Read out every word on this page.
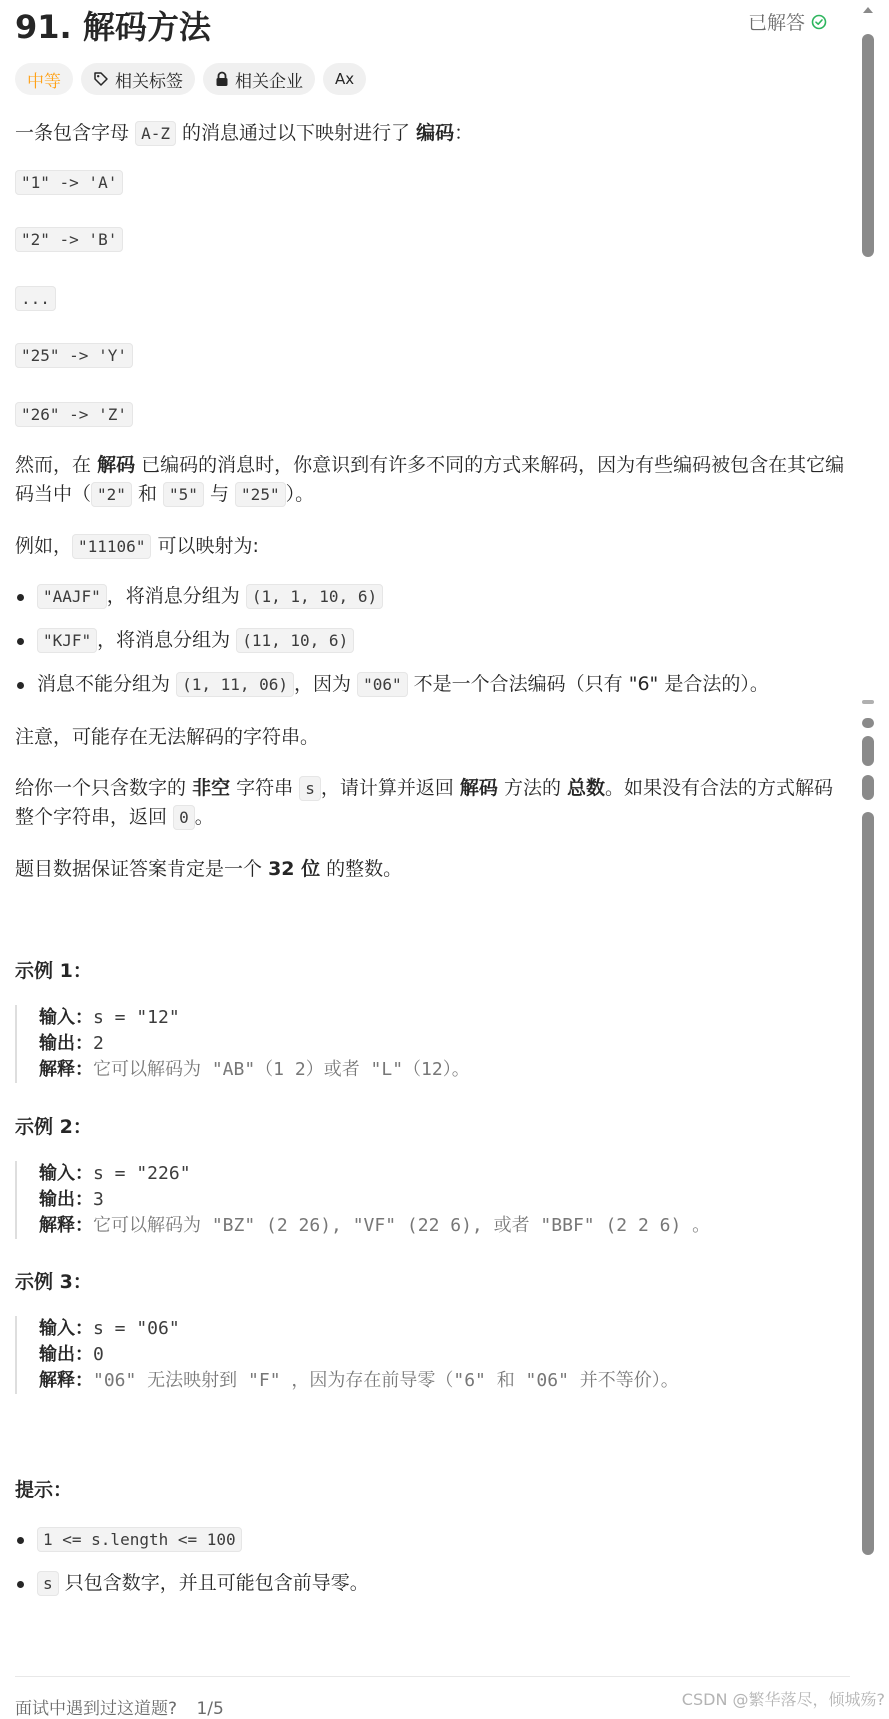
91. 解码方法	已解答
中等	相关标签	相关企业 Ax
一条包含字母 A-Z 的消息通过以下映射进行了 编码：
"1" -> 'A'
"2" -> 'B'
...
"25" -> 'Y'
"26" -> 'Z'
然而，在 解码 已编码的消息时，你意识到有许多不同的方式来解码，因为有些编码被包含在其它编码当中（ "2" 和 "5" 与 "25" ）。
例如， "11106" 可以映射为:
"AAJF" ，将消息分组为 (1, 1, 10, 6)
"KJF" ，将消息分组为 (11, 10, 6)
消息不能分组为 (1, 11, 06) ，因为 "06" 不是一个合法编码（只有 "6" 是合法的）。
注意，可能存在无法解码的字符串。
给你一个只含数字的 非空 字符串 s ，请计算并返回 解码 方法的 总数。如果没有合法的方式解码整个字符串，返回 0 。
题目数据保证答案肯定是一个 32 位 的整数。
示例 1：
输入：s = "12"
输出：2
解释：它可以解码为 "AB"（1 2）或者 "L"（12）。
示例 2：
输入：s = "226"
输出：3
解释：它可以解码为 "BZ" (2 26), "VF" (22 6), 或者 "BBF" (2 2 6) 。
示例 3：
输入：s = "06"
输出：0
解释："06" 无法映射到 "F" ，因为存在前导零（"6" 和 "06" 并不等价）。
提示：
1 <= s.length <= 100
s 只包含数字，并且可能包含前导零。
面试中遇到过这道题? 1/5	CSDN @繁华落尽，倾城殇?
